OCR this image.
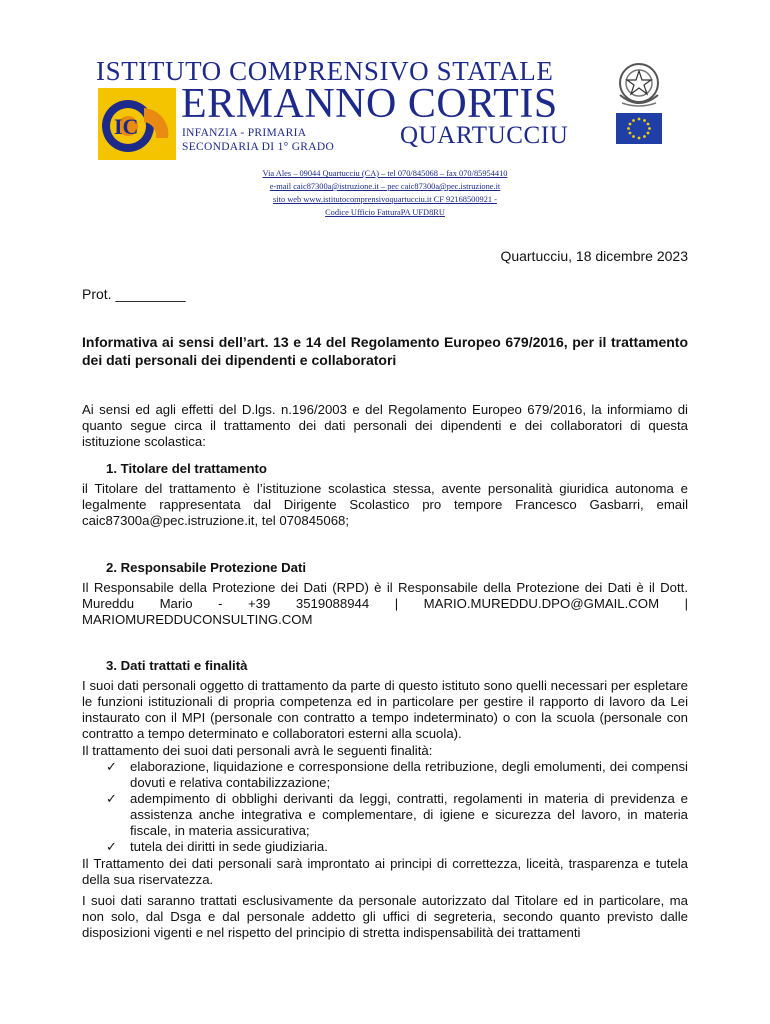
ISTITUTO COMPRENSIVO STATALE
IC ERMANNO CORTIS
INFANZIA - PRIMARIA
SECONDARIA DI 1° GRADO	QUARTUCCIU
Via Ales – 09044 Quartucciu (CA) – tel 070/845068 – fax 070/85954410
e-mail caic87300a@istruzione.it – pec caic87300a@pec.istruzione.it
sito web www.istitutocomprensivoquartucciu.it CF 92168500921 -
Codice Ufficio FatturaPA UFD8RU
Quartucciu, 18 dicembre 2023
Prot. _________
Informativa ai sensi dell’art. 13 e 14 del Regolamento Europeo 679/2016, per il trattamento dei dati personali dei dipendenti e collaboratori
Ai sensi ed agli effetti del D.lgs. n.196/2003 e del Regolamento Europeo 679/2016, la informiamo di quanto segue circa il trattamento dei dati personali dei dipendenti e dei collaboratori di questa istituzione scolastica:
1. Titolare del trattamento

il Titolare del trattamento è l’istituzione scolastica stessa, avente personalità giuridica autonoma e legalmente rappresentata dal Dirigente Scolastico pro tempore Francesco Gasbarri, email caic87300a@pec.istruzione.it, tel 070845068;

2. Responsabile Protezione Dati

Il Responsabile della Protezione dei Dati (RPD) è il Responsabile della Protezione dei Dati è il Dott. Mureddu Mario - +39 3519088944 | MARIO.MUREDDU.DPO@GMAIL.COM | MARIOMUREDDUCONSULTING.COM

3. Dati trattati e finalità

I suoi dati personali oggetto di trattamento da parte di questo istituto sono quelli necessari per espletare le funzioni istituzionali di propria competenza ed in particolare per gestire il rapporto di lavoro da Lei instaurato con il MPI (personale con contratto a tempo indeterminato) o con la scuola (personale con contratto a tempo determinato e collaboratori esterni alla scuola).

Il trattamento dei suoi dati personali avrà le seguenti finalità:

✓ elaborazione, liquidazione e corresponsione della retribuzione, degli emolumenti, dei compensi dovuti e relativa contabilizzazione;
✓ adempimento di obblighi derivanti da leggi, contratti, regolamenti in materia di previdenza e assistenza anche integrativa e complementare, di igiene e sicurezza del lavoro, in materia fiscale, in materia assicurativa;
✓ tutela dei diritti in sede giudiziaria.

Il Trattamento dei dati personali sarà improntato ai principi di correttezza, liceità, trasparenza e tutela della sua riservatezza.

I suoi dati saranno trattati esclusivamente da personale autorizzato dal Titolare ed in particolare, ma non solo, dal Dsga e dal personale addetto gli uffici di segreteria, secondo quanto previsto dalle disposizioni vigenti e nel rispetto del principio di stretta indispensabilità dei trattamenti
